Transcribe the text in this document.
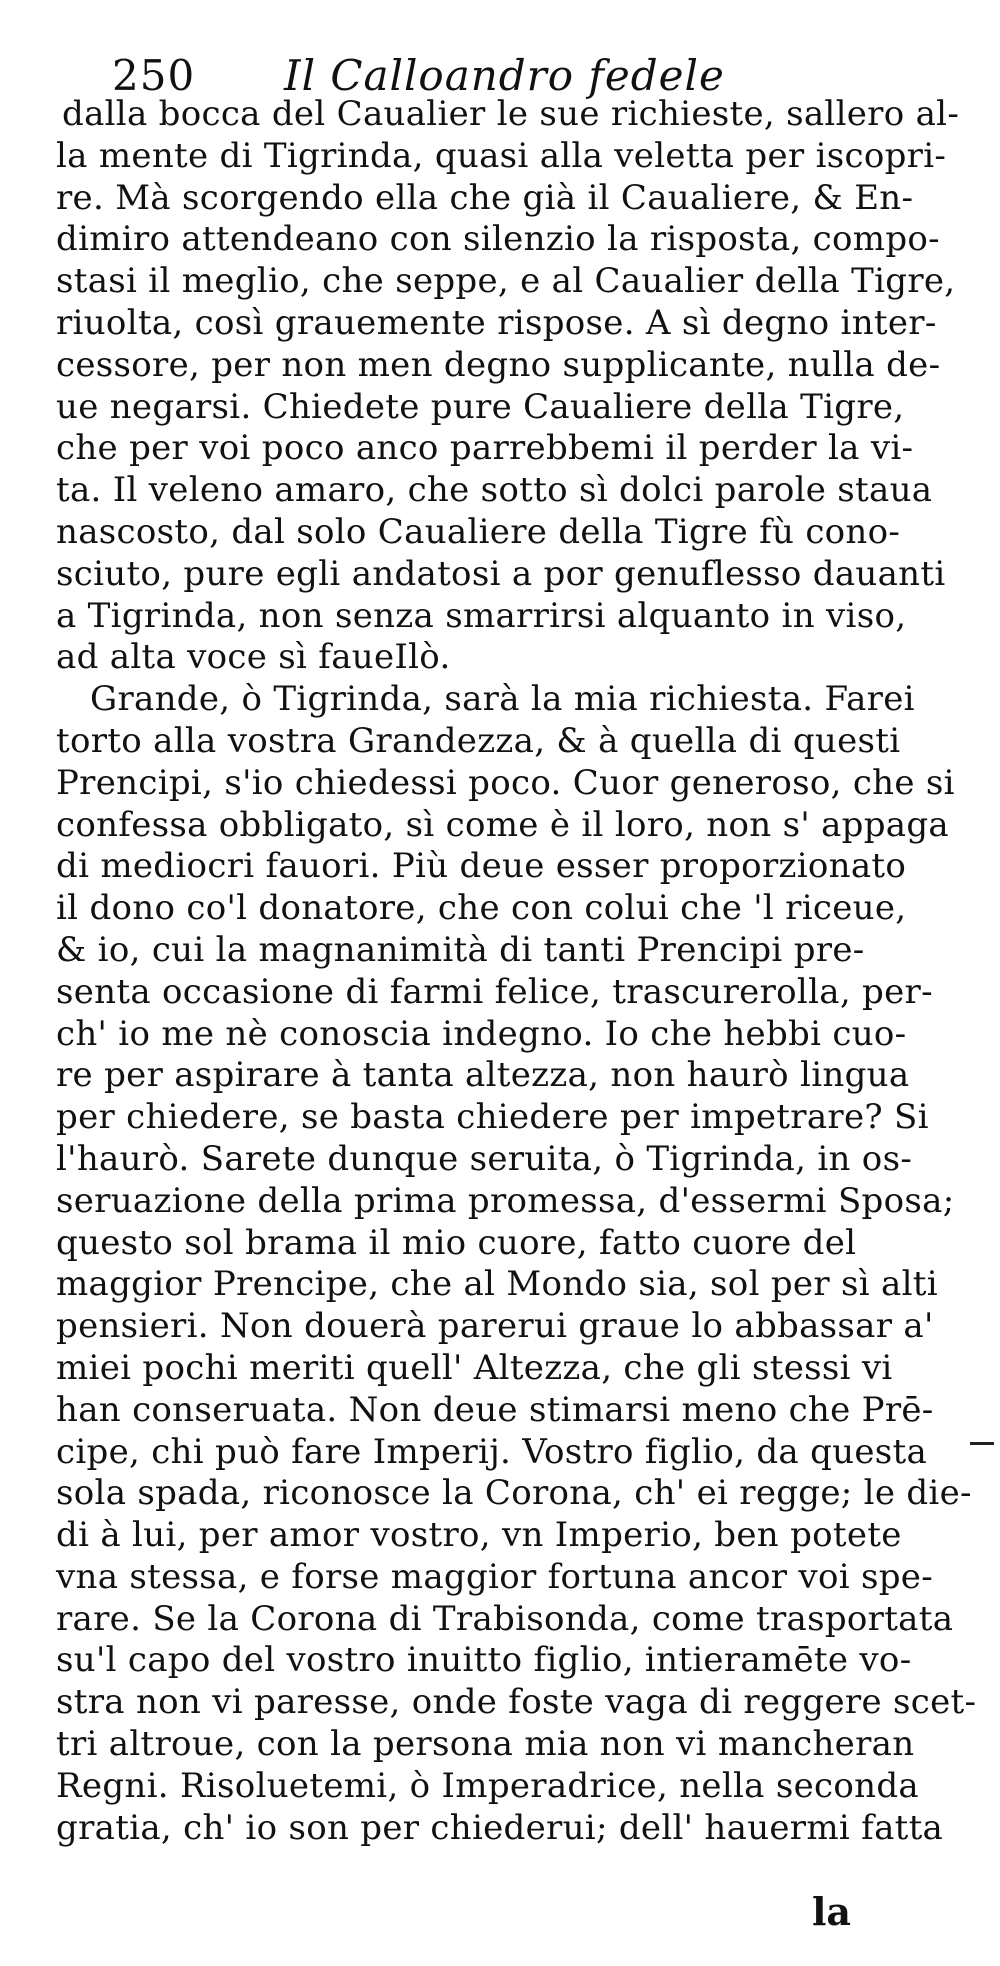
250 Il Calloandro fedele
dalla bocca del Caualier le sue richieste, sallero al-
la mente di Tigrinda, quasi alla veletta per iscopri-
re. Mà scorgendo ella che già il Caualiere, & En-
dimiro attendeano con silenzio la risposta, compo-
stasi il meglio, che seppe, e al Caualier della Tigre,
riuolta, così grauemente rispose. A sì degno inter-
cessore, per non men degno supplicante, nulla de-
ue negarsi. Chiedete pure Caualiere della Tigre,
che per voi poco anco parrebbemi il perder la vi-
ta. Il veleno amaro, che sotto sì dolci parole staua
nascosto, dal solo Caualiere della Tigre fù cono-
sciuto, pure egli andatosi a por genuflesso dauanti
a Tigrinda, non senza smarrirsi alquanto in viso,
ad alta voce sì faueIlò.
Grande, ò Tigrinda, sarà la mia richiesta. Farei
torto alla vostra Grandezza, & à quella di questi
Prencipi, s'io chiedessi poco. Cuor generoso, che si
confessa obbligato, sì come è il loro, non s' appaga
di mediocri fauori. Più deue esser proporzionato
il dono co'l donatore, che con colui che 'l riceue,
& io, cui la magnanimità di tanti Prencipi pre-
senta occasione di farmi felice, trascurerolla, per-
ch' io me nè conoscia indegno. Io che hebbi cuo-
re per aspirare à tanta altezza, non haurò lingua
per chiedere, se basta chiedere per impetrare? Si
l'haurò. Sarete dunque seruita, ò Tigrinda, in os-
seruazione della prima promessa, d'essermi Sposa;
questo sol brama il mio cuore, fatto cuore del
maggior Prencipe, che al Mondo sia, sol per sì alti
pensieri. Non douerà parerui graue lo abbassar a'
miei pochi meriti quell' Altezza, che gli stessi vi
han conseruata. Non deue stimarsi meno che Prē-
cipe, chi può fare Imperij. Vostro figlio, da questa
sola spada, riconosce la Corona, ch' ei regge; le die-
di à lui, per amor vostro, vn Imperio, ben potete
vna stessa, e forse maggior fortuna ancor voi spe-
rare. Se la Corona di Trabisonda, come trasportata
su'l capo del vostro inuitto figlio, intieramēte vo-
stra non vi paresse, onde foste vaga di reggere scet-
tri altroue, con la persona mia non vi mancheran
Regni. Risoluetemi, ò Imperadrice, nella seconda
gratia, ch' io son per chiederui; dell' hauermi fatta
la
